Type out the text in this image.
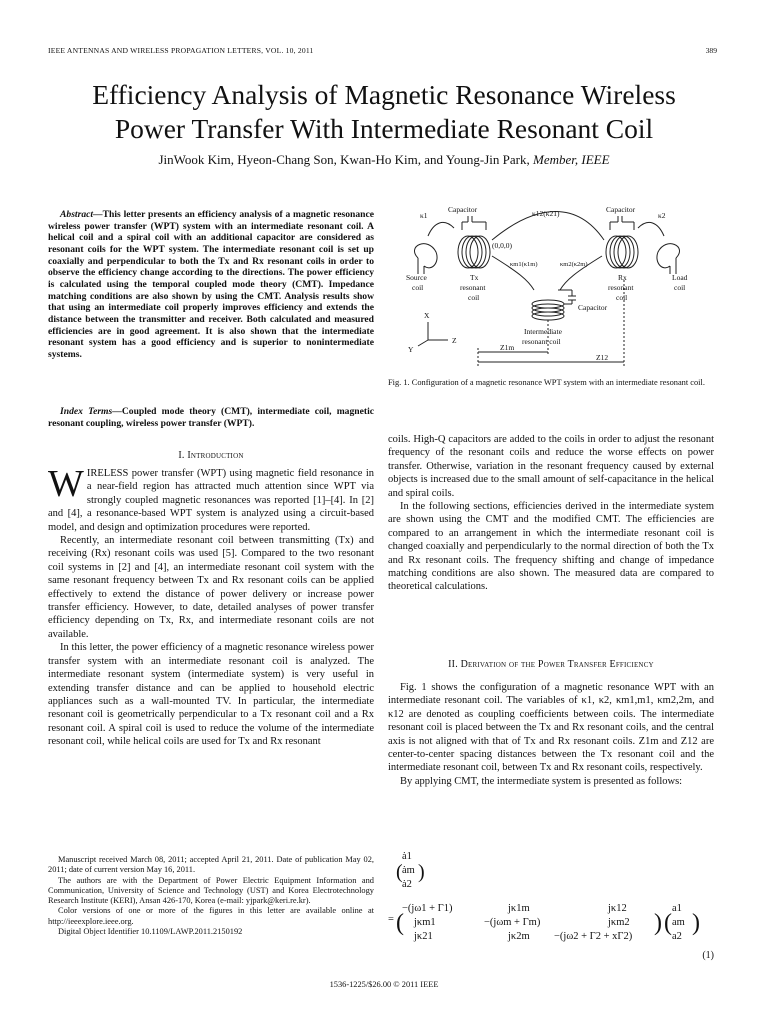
IEEE ANTENNAS AND WIRELESS PROPAGATION LETTERS, VOL. 10, 2011	389
Efficiency Analysis of Magnetic Resonance Wireless
Power Transfer With Intermediate Resonant Coil
JinWook Kim, Hyeon-Chang Son, Kwan-Ho Kim, and Young-Jin Park, Member, IEEE
Abstract—This letter presents an efficiency analysis of a magnetic resonance wireless power transfer (WPT) system with an intermediate resonant coil. A helical coil and a spiral coil with an additional capacitor are considered as resonant coils for the WPT system. The intermediate resonant coil is set up coaxially and perpendicular to both the Tx and Rx resonant coils in order to observe the efficiency change according to the directions. The power efficiency is calculated using the temporal coupled mode theory (CMT). Impedance matching conditions are also shown by using the CMT. Analysis results show that using an intermediate coil properly improves efficiency and extends the distance between the transmitter and receiver. Both calculated and measured efficiencies are in good agreement. It is also shown that the intermediate resonant system has a good efficiency and is superior to nonintermediate systems.
Index Terms—Coupled mode theory (CMT), intermediate coil, magnetic resonant coupling, wireless power transfer (WPT).
I. Introduction

WIRELESS power transfer (WPT) using magnetic field resonance in a near-field region has attracted much attention since WPT via strongly coupled magnetic resonances was reported [1]–[4]. In [2] and [4], a resonance-based WPT system is analyzed using a circuit-based model, and design and optimization procedures were reported.

Recently, an intermediate resonant coil between transmitting (Tx) and receiving (Rx) resonant coils was used [5]. Compared to the two resonant coil systems in [2] and [4], an intermediate resonant coil system with the same resonant frequency between Tx and Rx resonant coils can be applied effectively to extend the distance of power delivery or increase power transfer efficiency. However, to date, detailed analyses of power transfer efficiency depending on Tx, Rx, and intermediate resonant coils are not available.

In this letter, the power efficiency of a magnetic resonance wireless power transfer system with an intermediate resonant coil is analyzed. The intermediate resonant system (intermediate system) is very useful in extending transfer distance and can be applied to household electric appliances such as a wall-mounted TV. In particular, the intermediate resonant coil is geometrically perpendicular to a Tx resonant coil and a Rx resonant coil. A spiral coil is used to reduce the volume of the intermediate resonant coil, while helical coils are used for Tx and Rx resonant

Manuscript received March 08, 2011; accepted April 21, 2011. Date of publication May 02, 2011; date of current version May 16, 2011.

The authors are with the Department of Power Electric Equipment Information and Communication, University of Science and Technology (UST) and Korea Electrotechnology Research Institute (KERI), Ansan 426-170, Korea (e-mail: yjpark@keri.re.kr).

Color versions of one or more of the figures in this letter are available online at http://ieeexplore.ieee.org.

Digital Object Identifier 10.1109/LAWP.2011.2150192

Capacitor	Capacitor
Capacitor
κ1	κ2
κ12(κ21)
(0,0,0)
κm1(κ1m)	κm2(κ2m)
Source
coil
Tx
resonant
coil
Rx
resonant
coil
Load
coil
Intermediate
resonant coil
X
Y
Z
Z1m
Z12
Fig. 1. Configuration of a magnetic resonance WPT system with an intermediate resonant coil.

coils. High-Q capacitors are added to the coils in order to adjust the resonant frequency of the resonant coils and reduce the worse effects on power transfer. Otherwise, variation in the resonant frequency caused by external objects is increased due to the small amount of self-capacitance in the helical and spiral coils.

In the following sections, efficiencies derived in the intermediate system are shown using the CMT and the modified CMT. The efficiencies are compared to an arrangement in which the intermediate resonant coil is changed coaxially and perpendicularly to the normal direction of both the Tx and Rx resonant coils. The frequency shifting and change of impedance matching conditions are also shown. The measured data are compared to theoretical calculations.

II. Derivation of the Power Transfer Efficiency

Fig. 1 shows the configuration of a magnetic resonance WPT with an intermediate resonant coil. The variables of κ1, κ2, κm1,m1, κm2,2m, and κ12 are denoted as coupling coefficients between coils. The intermediate resonant coil is placed between the Tx and Rx resonant coils, and the central axis is not aligned with that of Tx and Rx resonant coils. Z1m and Z12 are center-to-center spacing distances between the Tx resonant coil and the intermediate resonant coil, between Tx and Rx resonant coils, respectively.

By applying CMT, the intermediate system is presented as follows:

(
ȧ1
ȧm
ȧ2
)
= (
−(jω1 + Γ1)	jκ1m	jκ12
jκm1	−(jωm + Γm)	jκm2
jκ21	jκ2m −(jω2 + Γ2 + xΓ2)
) (
a1
am
a2
)
(1)
1536-1225/$26.00 © 2011 IEEE
